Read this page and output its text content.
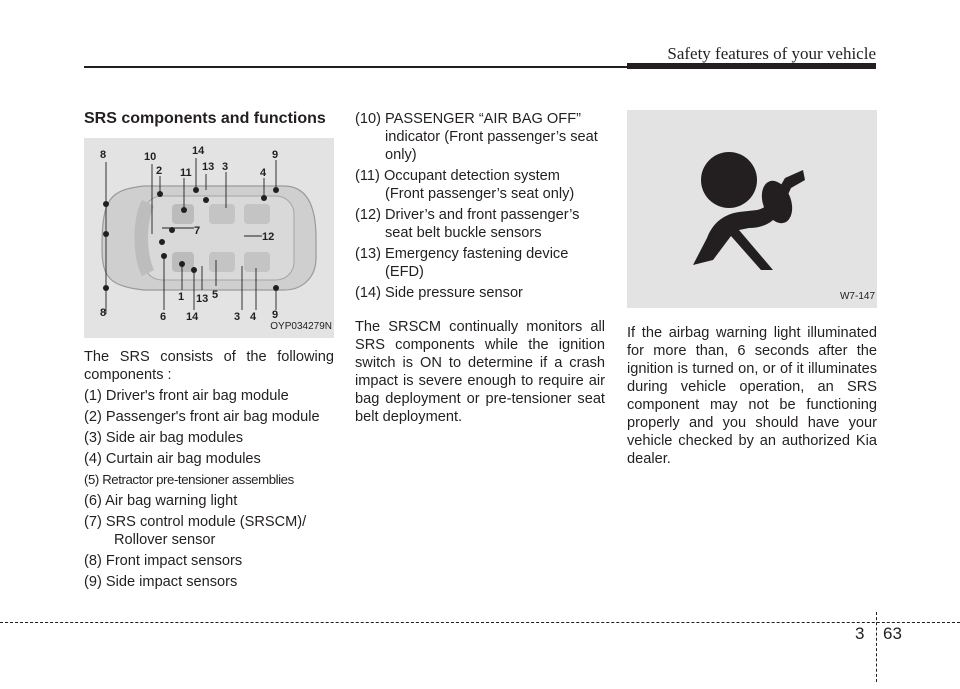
Safety features of your vehicle
SRS components and functions
8	10	14
2 11 13 3
9
4
7	12
1 13 5
8	6 14	3 4 9
OYP034279N

The SRS consists of the following components :

(1) Driver's front air bag module
(2) Passenger's front air bag module
(3) Side air bag modules
(4) Curtain air bag modules
(5) Retractor pre-tensioner assemblies
(6) Air bag warning light
(7) SRS control module (SRSCM)/
Rollover sensor
(8) Front impact sensors
(9) Side impact sensors
(10) PASSENGER “AIR BAG OFF”
indicator (Front passenger’s seat only)
(11) Occupant detection system
(Front passenger’s seat only)
(12) Driver’s and front passenger’s
seat belt buckle sensors
(13) Emergency fastening device
(EFD)
(14) Side pressure sensor

The SRSCM continually monitors all SRS components while the ignition switch is ON to determine if a crash impact is severe enough to require air bag deployment or pre-tensioner seat belt deployment.

W7-147

If the airbag warning light illuminated for more than, 6 seconds after the ignition is turned on, or of it illuminates during vehicle operation, an SRS component may not be functioning properly and you should have your vehicle checked by an authorized Kia dealer.

3 63
